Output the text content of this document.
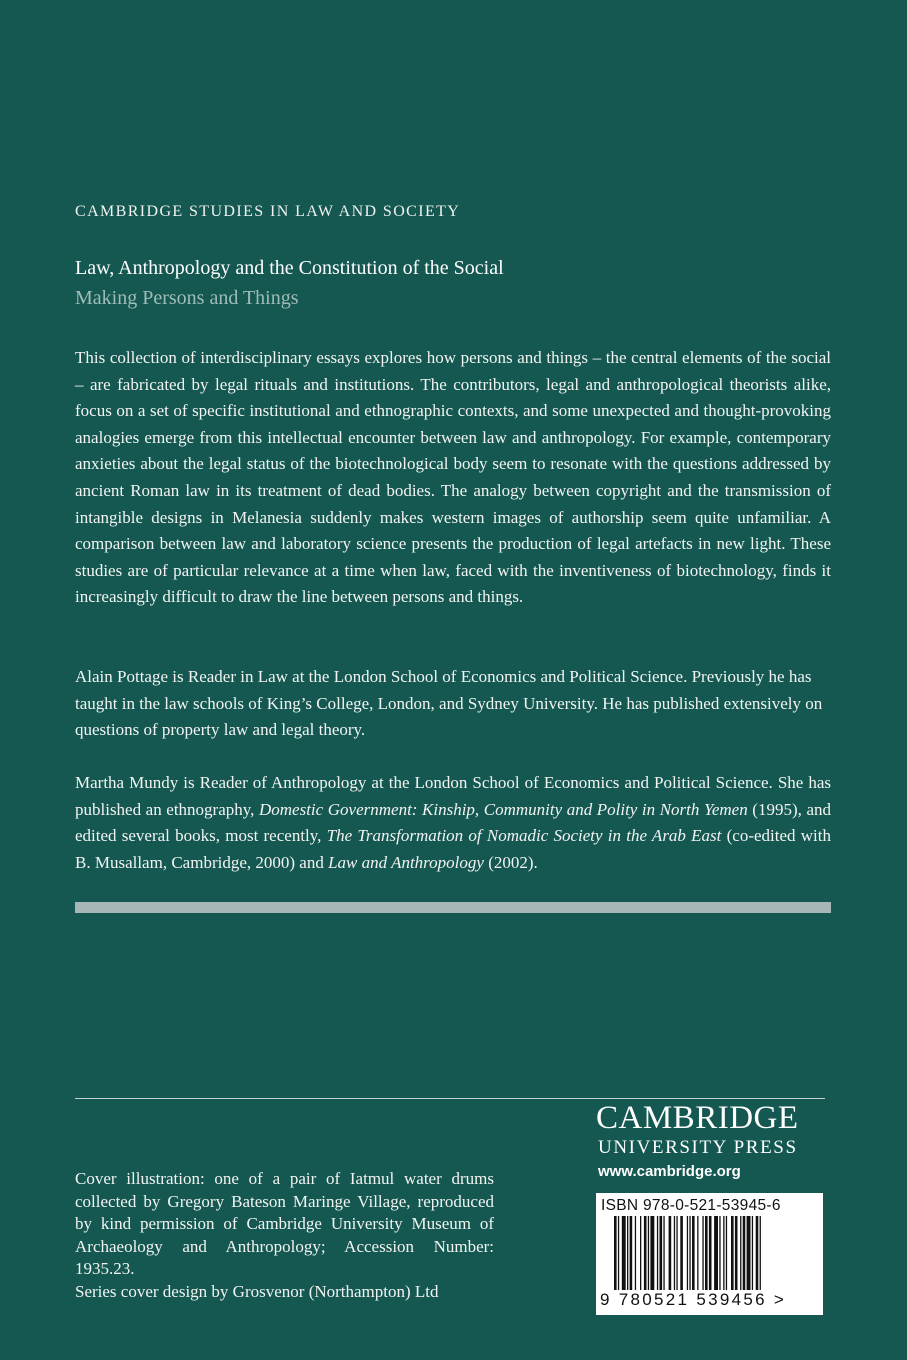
CAMBRIDGE STUDIES IN LAW AND SOCIETY
Law, Anthropology and the Constitution of the Social
Making Persons and Things

This collection of interdisciplinary essays explores how persons and things – the central elements of the social – are fabricated by legal rituals and institutions. The contributors, legal and anthropological theorists alike, focus on a set of specific institutional and ethnographic contexts, and some unexpected and thought-provoking analogies emerge from this intellectual encounter between law and anthropology. For example, contemporary anxieties about the legal status of the biotechnological body seem to resonate with the questions addressed by ancient Roman law in its treatment of dead bodies. The analogy between copyright and the transmission of intangible designs in Melanesia suddenly makes western images of authorship seem quite unfamiliar. A comparison between law and laboratory science presents the production of legal artefacts in new light. These studies are of particular relevance at a time when law, faced with the inventiveness of biotechnology, finds it increasingly difficult to draw the line between persons and things.

Alain Pottage is Reader in Law at the London School of Economics and Political Science. Previously he has taught in the law schools of King’s College, London, and Sydney University. He has published extensively on questions of property law and legal theory.

Martha Mundy is Reader of Anthropology at the London School of Economics and Political Science. She has published an ethnography, Domestic Government: Kinship, Community and Polity in North Yemen (1995), and edited several books, most recently, The Transformation of Nomadic Society in the Arab East (co-edited with B. Musallam, Cambridge, 2000) and Law and Anthropology (2002).

Cover illustration: one of a pair of Iatmul water drums collected by Gregory Bateson Maringe Village, reproduced by kind permission of Cambridge University Museum of Archaeology and Anthropology; Accession Number: 1935.23.

Series cover design by Grosvenor (Northampton) Ltd

CAMBRIDGE
UNIVERSITY PRESS
www.cambridge.org
ISBN 978-0-521-53945-6
9 780521 539456 >
